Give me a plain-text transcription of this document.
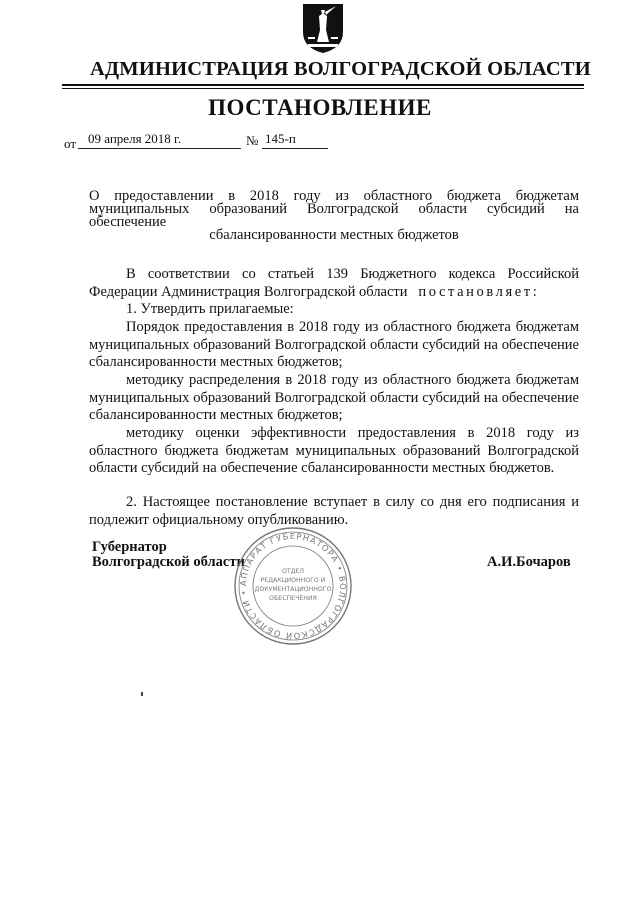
АДМИНИСТРАЦИЯ ВОЛГОГРАДСКОЙ ОБЛАСТИ
ПОСТАНОВЛЕНИЕ
от 09 апреля 2018 г.	№ 145-п
О предоставлении в 2018 году из областного бюджета бюджетам
муниципальных образований Волгоградской области субсидий на обеспечение
сбалансированности местных бюджетов

В соответствии со статьей 139 Бюджетного кодекса Российской

Федерации Администрация Волгоградской области постановляет:

1. Утвердить прилагаемые:

Порядок предоставления в 2018 году из областного бюджета бюджетам муниципальных образований Волгоградской области субсидий на обеспечение сбалансированности местных бюджетов;

методику распределения в 2018 году из областного бюджета бюджетам муниципальных образований Волгоградской области субсидий на обеспечение сбалансированности местных бюджетов;

методику оценки эффективности предоставления в 2018 году из областного бюджета бюджетам муниципальных образований Волгоградской области субсидий на обеспечение сбалансированности местных бюджетов.

2. Настоящее постановление вступает в силу со дня его подписания и подлежит официальному опубликованию.

Губернатор
Волгоградской области	А.И.Бочаров
АППАРАТ ГУБЕРНАТОРА • ВОЛГОГРАДСКОЙ ОБЛАСТИ •
ОТДЕЛ
РЕДАКЦИОННОГО И
ДОКУМЕНТАЦИОННОГО
ОБЕСПЕЧЕНИЯ
